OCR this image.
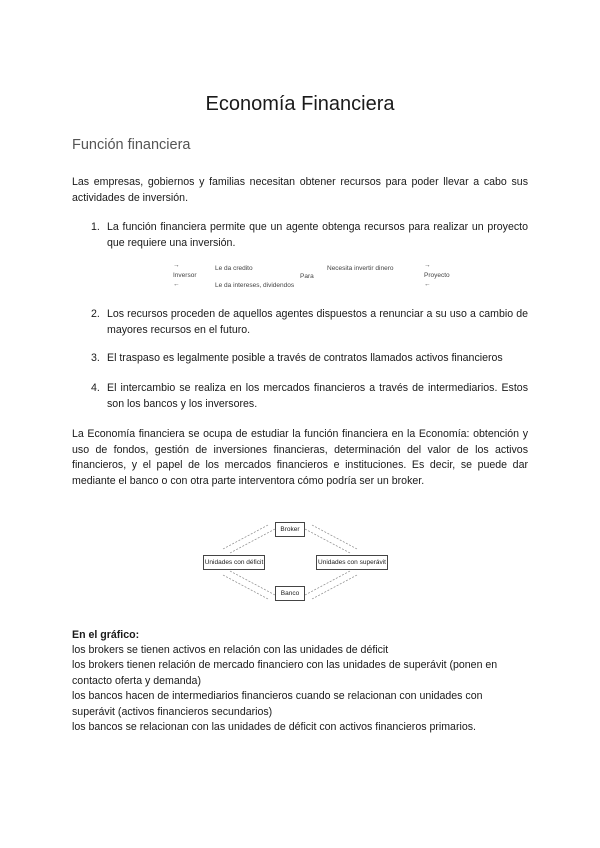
Economía Financiera
Función financiera

Las empresas, gobiernos y familias necesitan obtener recursos para poder llevar a cabo sus actividades de inversión.

1. La función financiera permite que un agente obtenga recursos para realizar un proyecto que requiere una inversión.
→
Inversor
←
Le da credito
Le da intereses, dividendos
Para
Necesita invertir dinero	→
Proyecto
←
2. Los recursos proceden de aquellos agentes dispuestos a renunciar a su uso a cambio de mayores recursos en el futuro.
3. El traspaso es legalmente posible a través de contratos llamados activos financieros
4. El intercambio se realiza en los mercados financieros a través de intermediarios. Estos son los bancos y los inversores.

La Economía financiera se ocupa de estudiar la función financiera en la Economía: obtención y uso de fondos, gestión de inversiones financieras, determinación del valor de los activos financieros, y el papel de los mercados financieros e instituciones. Es decir, se puede dar mediante el banco o con otra parte interventora cómo podría ser un broker.

Broker
Unidades con déficit	Unidades con superávit
Banco
En el gráfico:
los brokers se tienen activos en relación con las unidades de déficit
los brokers tienen relación de mercado financiero con las unidades de superávit (ponen en contacto oferta y demanda)
los bancos hacen de intermediarios financieros cuando se relacionan con unidades con superávit (activos financieros secundarios)
los bancos se relacionan con las unidades de déficit con activos financieros primarios.
